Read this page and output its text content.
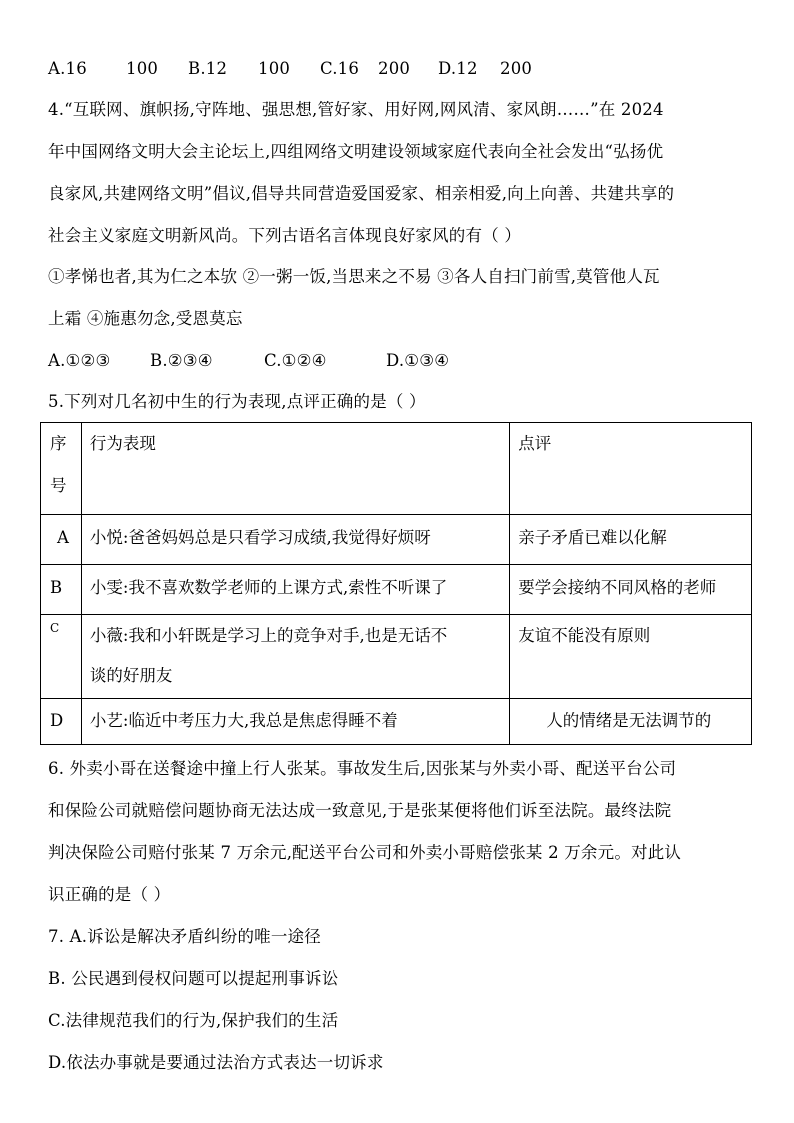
A.16 100 B.12 100 C.16 200 D.12 200
4.“互联网、旗帜扬,守阵地、强思想,管好家、用好网,网风清、家风朗……”在 2024
年中国网络文明大会主论坛上,四组网络文明建设领域家庭代表向全社会发出“弘扬优
良家风,共建网络文明”倡议,倡导共同营造爱国爱家、相亲相爱,向上向善、共建共享的
社会主义家庭文明新风尚。下列古语名言体现良好家风的有（ ）
①孝悌也者,其为仁之本欤 ②一粥一饭,当思来之不易 ③各人自扫门前雪,莫管他人瓦
上霜 ④施惠勿念,受恩莫忘
A.①②③ B.②③④	C.①②④	D.①③④
5.下列对几名初中生的行为表现,点评正确的是（ ）
序
号	行为表现	点评

A	小悦:爸爸妈妈总是只看学习成绩,我觉得好烦呀	亲子矛盾已难以化解

B	小雯:我不喜欢数学老师的上课方式,索性不听课了	要学会接纳不同风格的老师

C	小薇:我和小轩既是学习上的竞争对手,也是无话不
谈的好朋友	友谊不能没有原则

D	小艺:临近中考压力大,我总是焦虑得睡不着	人的情绪是无法调节的
6. 外卖小哥在送餐途中撞上行人张某。事故发生后,因张某与外卖小哥、配送平台公司
和保险公司就赔偿问题协商无法达成一致意见,于是张某便将他们诉至法院。最终法院
判决保险公司赔付张某 7 万余元,配送平台公司和外卖小哥赔偿张某 2 万余元。对此认
识正确的是（ ）
7. A.诉讼是解决矛盾纠纷的唯一途径
B. 公民遇到侵权问题可以提起刑事诉讼
C.法律规范我们的行为,保护我们的生活
D.依法办事就是要通过法治方式表达一切诉求
